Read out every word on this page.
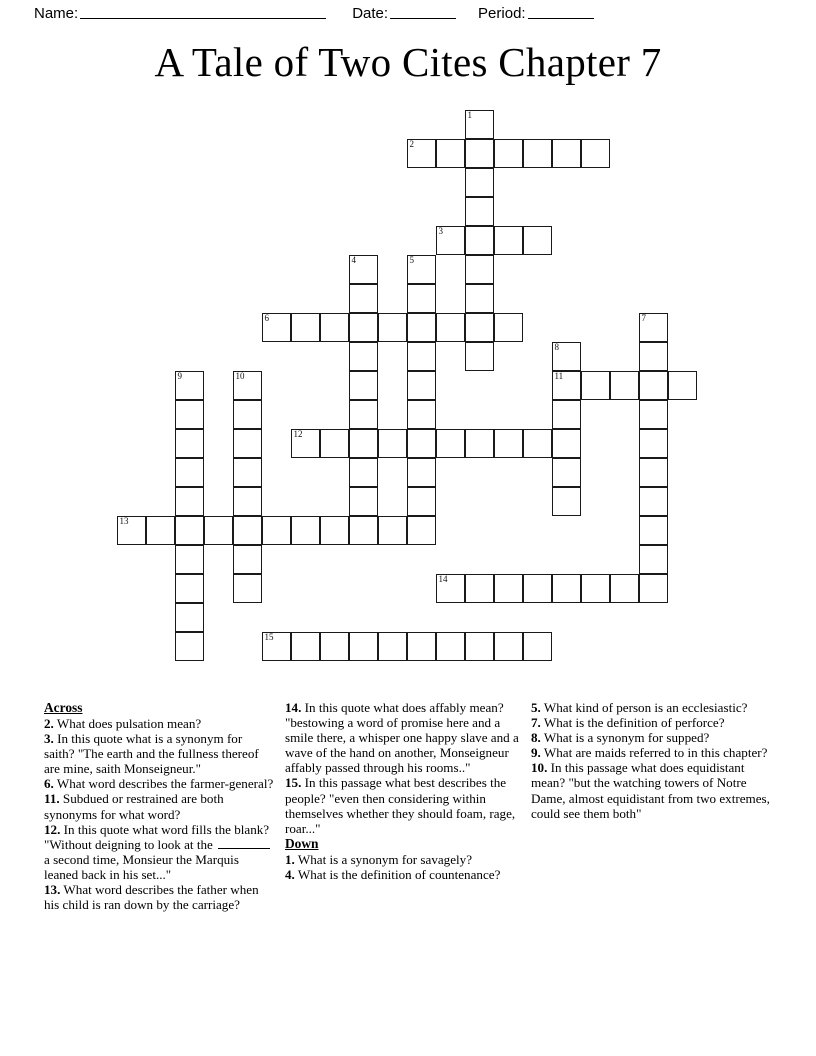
Name:	Date:	Period:
A Tale of Two Cites Chapter 7
1
2
3
4	5
6	7
8
11
9	10
12
13
14
15
Across
2. What does pulsation mean?
3. In this quote what is a synonym for saith? "The earth and the fullness thereof are mine, saith Monseigneur."
6. What word describes the farmer-general?
11. Subdued or restrained are both synonyms for what word?
12. In this quote what word fills the blank? "Without deigning to look at the  a second time, Monsieur the Marquis leaned back in his set..."
13. What word describes the father when his child is ran down by the carriage?
14. In this quote what does affably mean? "bestowing a word of promise here and a smile there, a whisper one happy slave and a wave of the hand on another, Monseigneur affably passed through his rooms.."
15. In this passage what best describes the people? "even then considering within themselves whether they should foam, rage, roar..."
Down
1. What is a synonym for savagely?
4. What is the definition of countenance?
5. What kind of person is an ecclesiastic?
7. What is the definition of perforce?
8. What is a synonym for supped?
9. What are maids referred to in this chapter?
10. In this passage what does equidistant mean? "but the watching towers of Notre Dame, almost equidistant from two extremes, could see them both"
